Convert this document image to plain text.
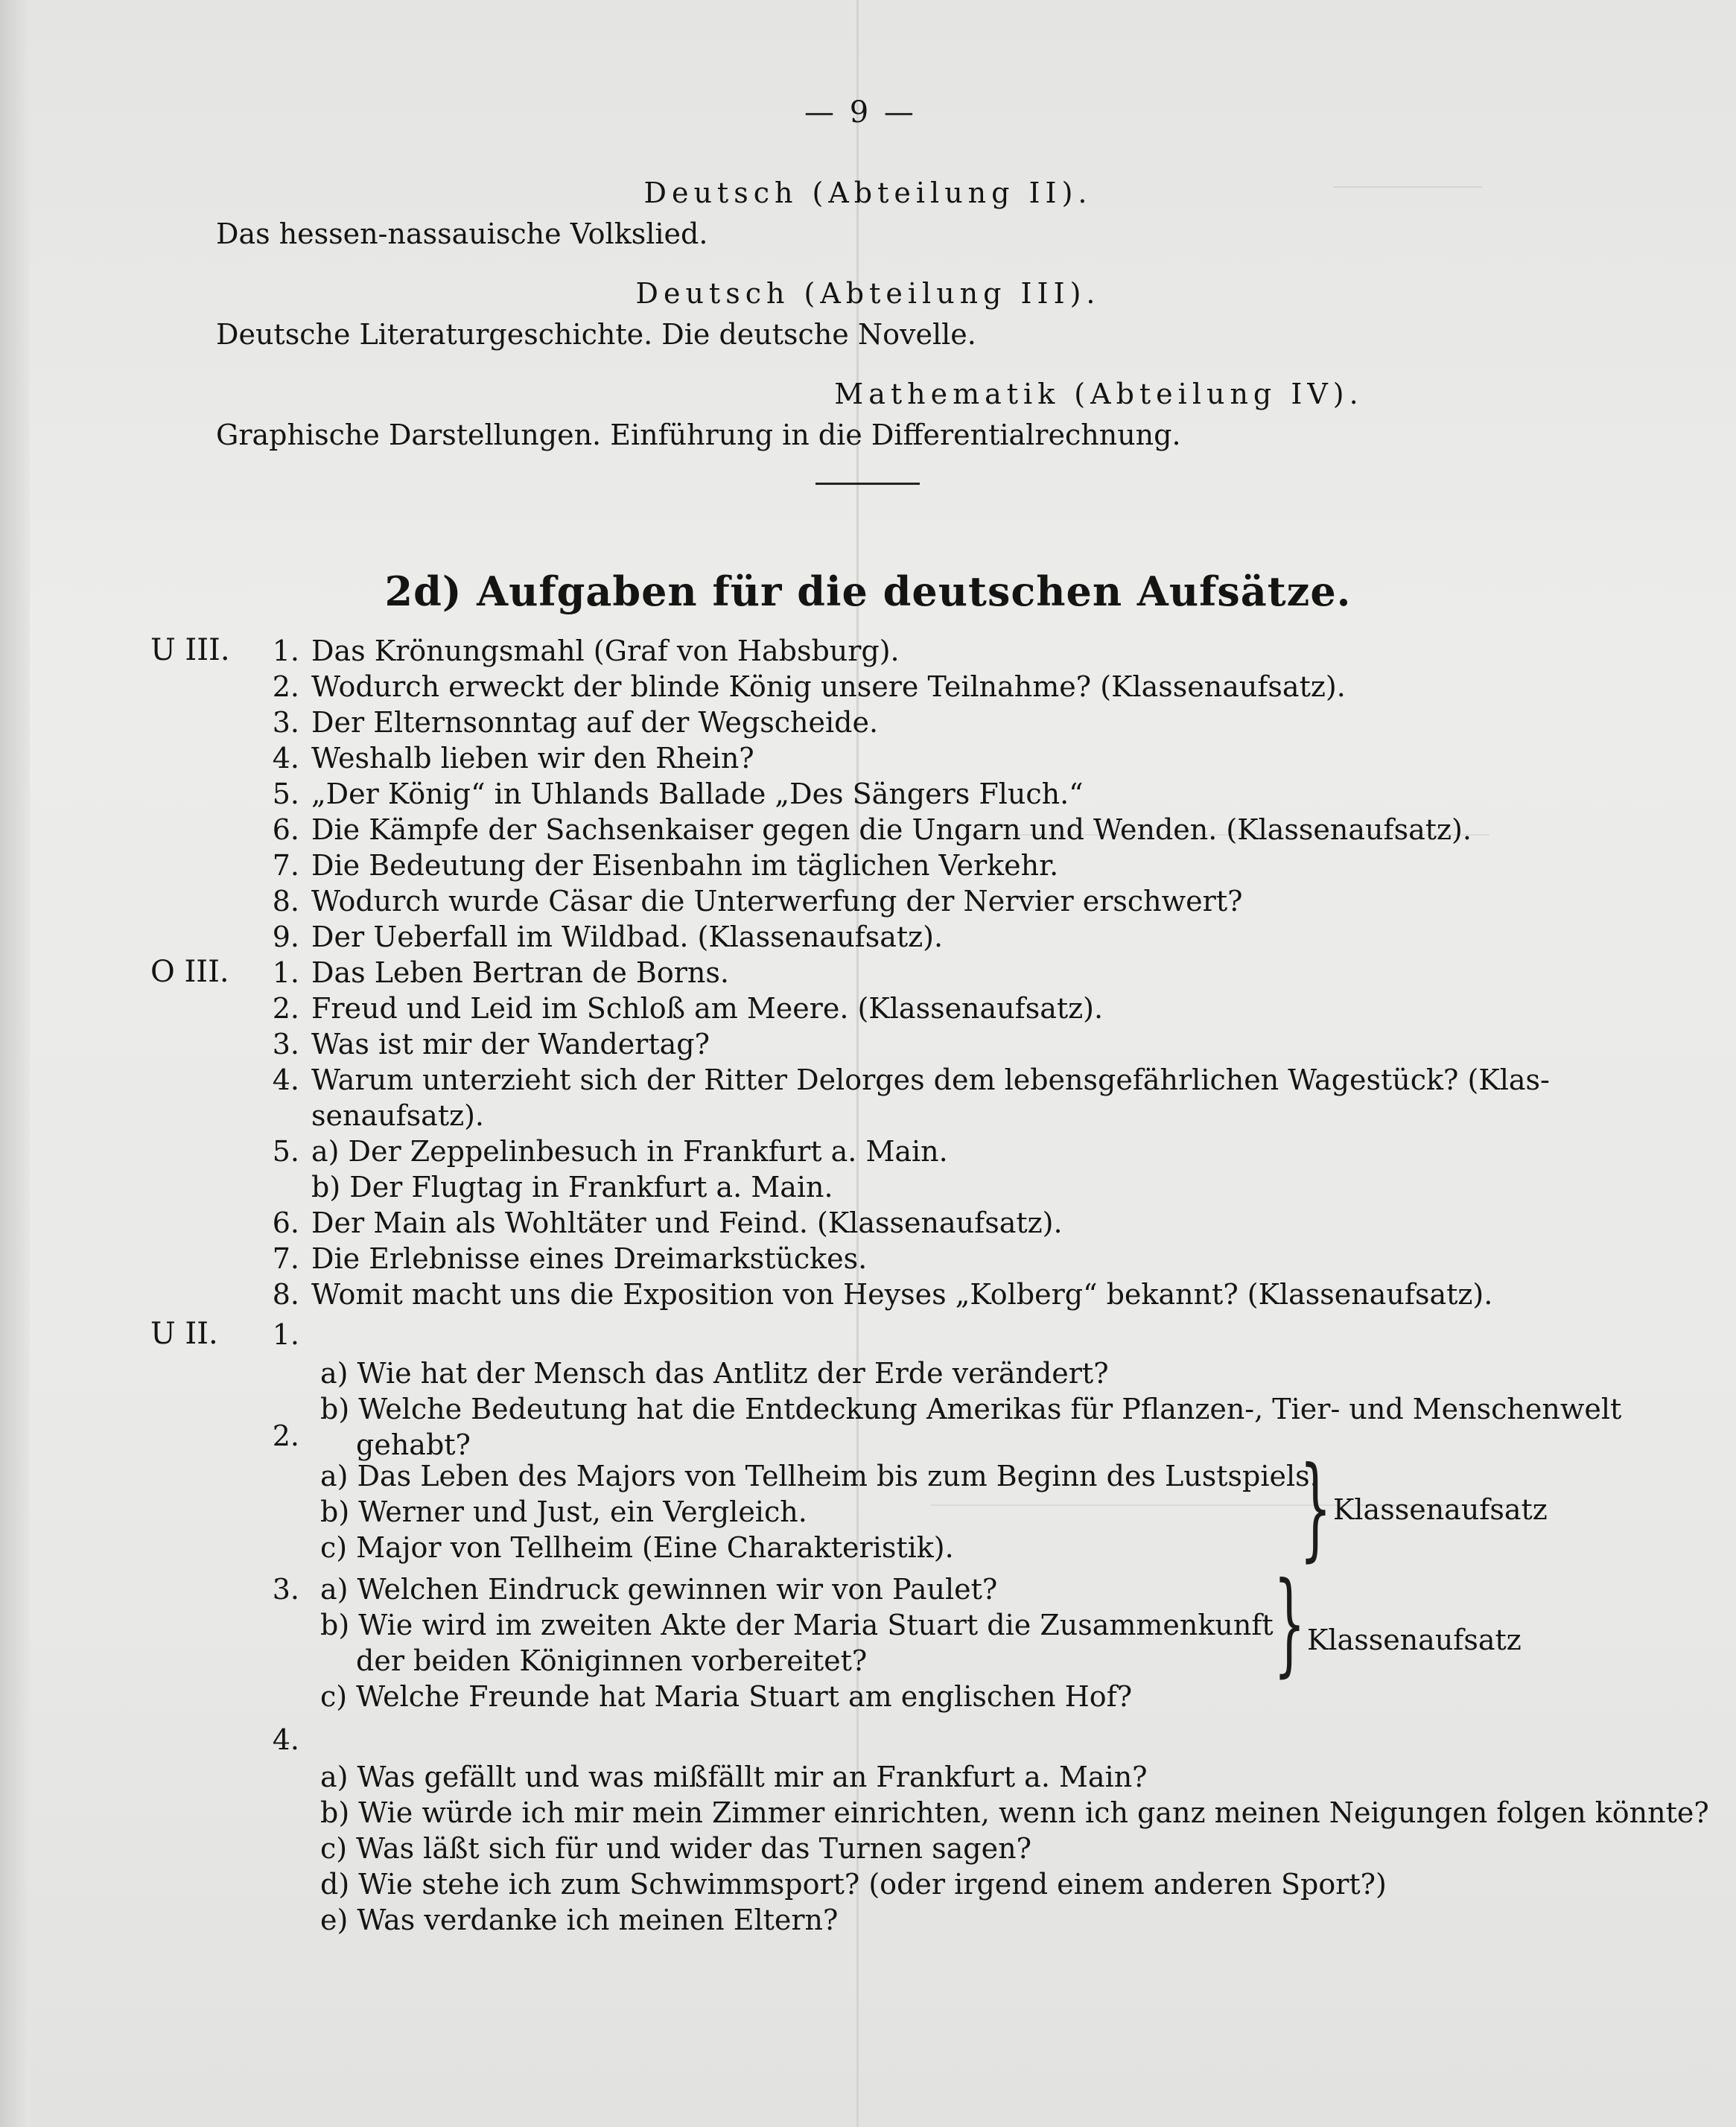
— 9 —
Deutsch (Abteilung II).
Das hessen-nassauische Volkslied.
Deutsch (Abteilung III).
Deutsche Literaturgeschichte. Die deutsche Novelle.
Mathematik (Abteilung IV).
Graphische Darstellungen. Einführung in die Differentialrechnung.
2d) Aufgaben für die deutschen Aufsätze.
U III.	1. Das Krönungsmahl (Graf von Habsburg).
2. Wodurch erweckt der blinde König unsere Teilnahme? (Klassenaufsatz).
3. Der Elternsonntag auf der Wegscheide.
4. Weshalb lieben wir den Rhein?
5. „Der König“ in Uhlands Ballade „Des Sängers Fluch.“
6. Die Kämpfe der Sachsenkaiser gegen die Ungarn und Wenden. (Klassenaufsatz).
7. Die Bedeutung der Eisenbahn im täglichen Verkehr.
8. Wodurch wurde Cäsar die Unterwerfung der Nervier erschwert?
9. Der Ueberfall im Wildbad. (Klassenaufsatz).
O III.	1. Das Leben Bertran de Borns.
2. Freud und Leid im Schloß am Meere. (Klassenaufsatz).
3. Was ist mir der Wandertag?
4. Warum unterzieht sich der Ritter Delorges dem lebensgefährlichen Wagestück? (Klas-
senaufsatz).
5. a) Der Zeppelinbesuch in Frankfurt a. Main.
b) Der Flugtag in Frankfurt a. Main.
6. Der Main als Wohltäter und Feind. (Klassenaufsatz).
7. Die Erlebnisse eines Dreimarkstückes.
8. Womit macht uns die Exposition von Heyses „Kolberg“ bekannt? (Klassenaufsatz).
U II.	1.
a) Wie hat der Mensch das Antlitz der Erde verändert?
b) Welche Bedeutung hat die Entdeckung Amerikas für Pflanzen-, Tier- und Menschenwelt
gehabt?
2.
a) Das Leben des Majors von Tellheim bis zum Beginn des Lustspiels.
b) Werner und Just, ein Vergleich.
c) Major von Tellheim (Eine Charakteristik).	} Klassenaufsatz
3. a) Welchen Eindruck gewinnen wir von Paulet?
b) Wie wird im zweiten Akte der Maria Stuart die Zusammenkunft
der beiden Königinnen vorbereitet?
c) Welche Freunde hat Maria Stuart am englischen Hof?
} Klassenaufsatz
4.
a) Was gefällt und was mißfällt mir an Frankfurt a. Main?
b) Wie würde ich mir mein Zimmer einrichten, wenn ich ganz meinen Neigungen folgen könnte?
c) Was läßt sich für und wider das Turnen sagen?
d) Wie stehe ich zum Schwimmsport? (oder irgend einem anderen Sport?)
e) Was verdanke ich meinen Eltern?
